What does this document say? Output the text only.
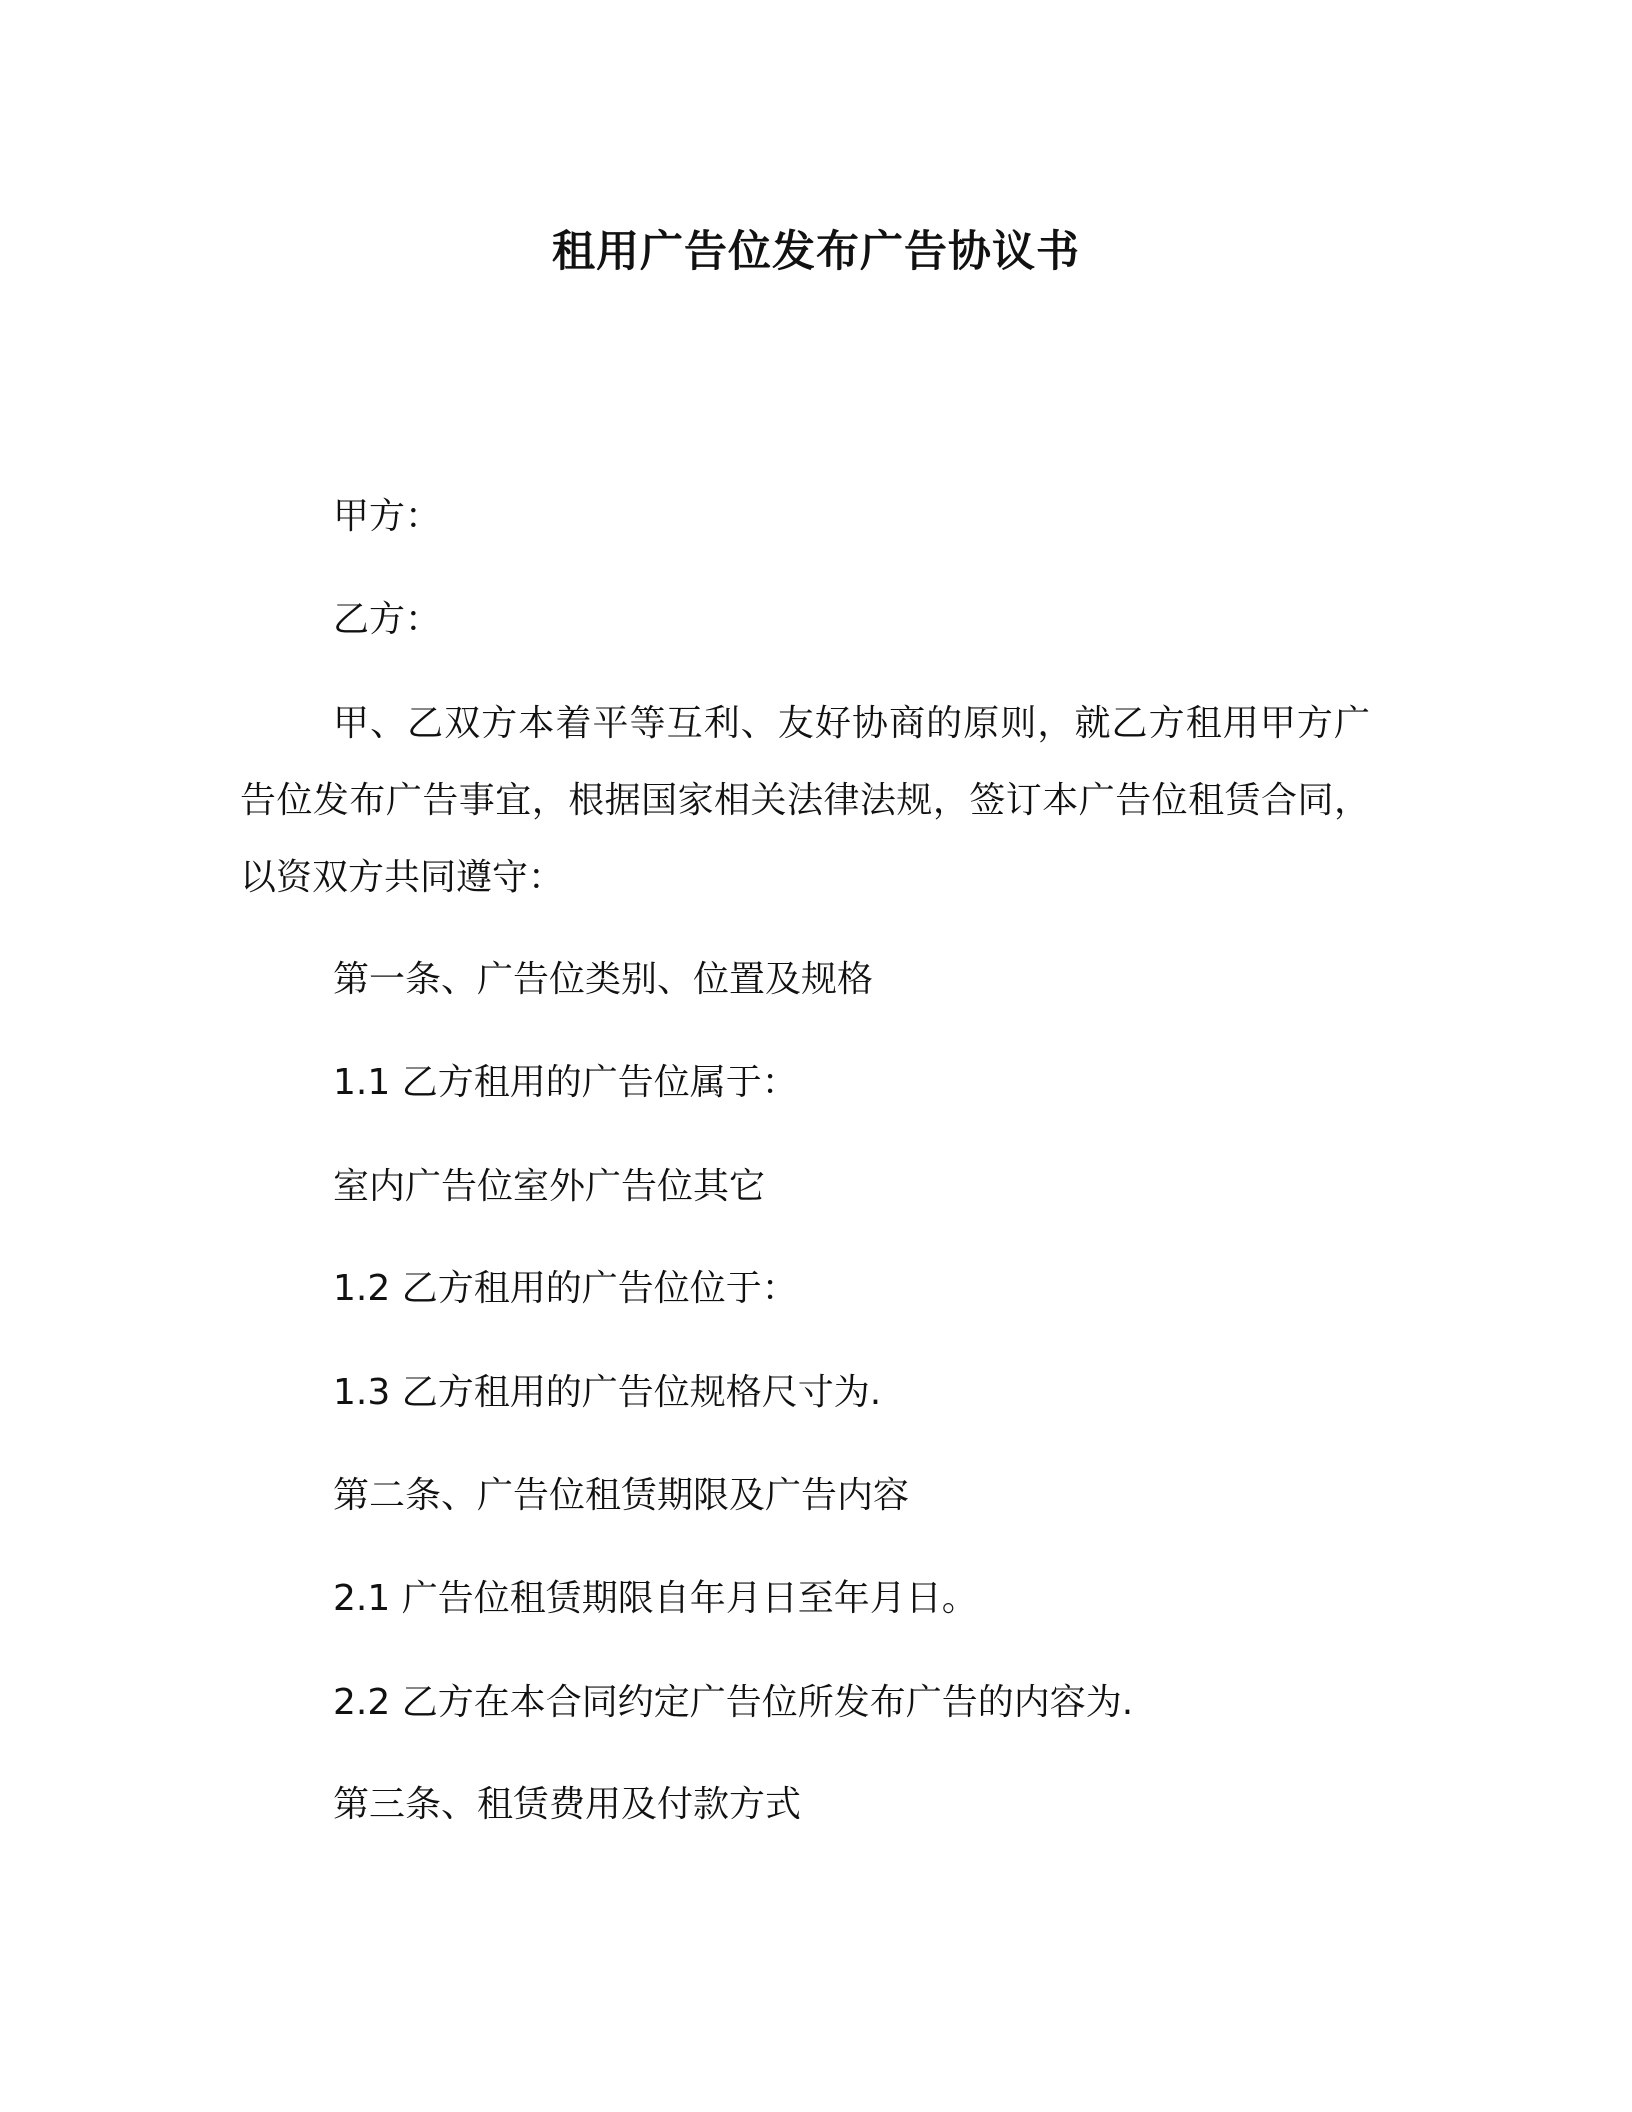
租用广告位发布广告协议书
甲方：
乙方：
甲、乙双方本着平等互利、友好协商的原则，就乙方租用甲方广
告位发布广告事宜，根据国家相关法律法规，签订本广告位租赁合同，
以资双方共同遵守：
第一条、广告位类别、位置及规格
1.1 乙方租用的广告位属于：
室内广告位室外广告位其它
1.2 乙方租用的广告位位于：
1.3 乙方租用的广告位规格尺寸为.
第二条、广告位租赁期限及广告内容
2.1 广告位租赁期限自年月日至年月日。
2.2 乙方在本合同约定广告位所发布广告的内容为.
第三条、租赁费用及付款方式
